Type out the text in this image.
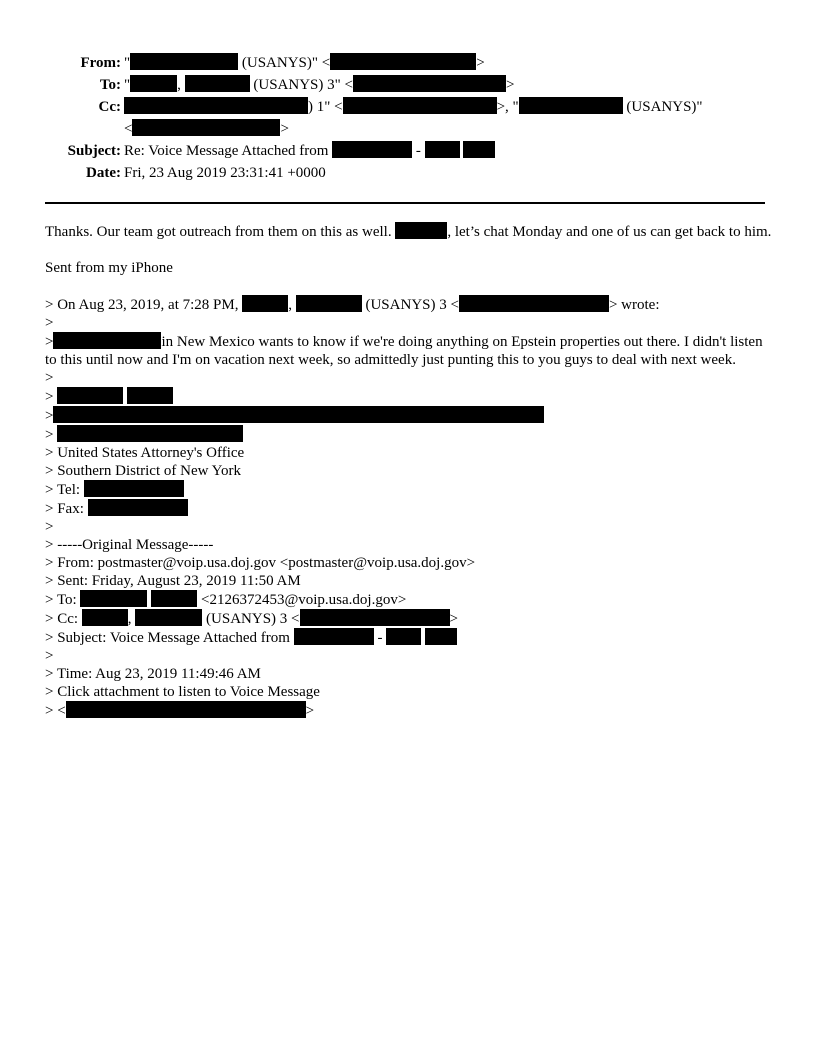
From: "	(USANYS)" <	>
To: "	,	(USANYS) 3" <	>
Cc:	) 1" <	>, "	(USANYS)"
<	>
Subject: Re: Voice Message Attached from	-
Date: Fri, 23 Aug 2019 23:31:41 +0000

Thanks. Our team got outreach from them on this as well.	, let’s chat Monday and one of us can get back to him.

Sent from my iPhone

> On Aug 23, 2019, at 7:28 PM,	,	(USANYS) 3 <	> wrote:

>

>	in New Mexico wants to know if we're doing anything on Epstein properties out there. I didn't listen to this until now and I'm on vacation next week, so admittedly just punting this to you guys to deal with next week.

>

>

>

>

> United States Attorney's Office

> Southern District of New York

> Tel:

> Fax:

>

> -----Original Message-----

> From: postmaster@voip.usa.doj.gov <postmaster@voip.usa.doj.gov>

> Sent: Friday, August 23, 2019 11:50 AM

> To:	<2126372453@voip.usa.doj.gov>

> Cc:	,	(USANYS) 3 <	>

> Subject: Voice Message Attached from	-

>

> Time: Aug 23, 2019 11:49:46 AM

> Click attachment to listen to Voice Message

> <	>
